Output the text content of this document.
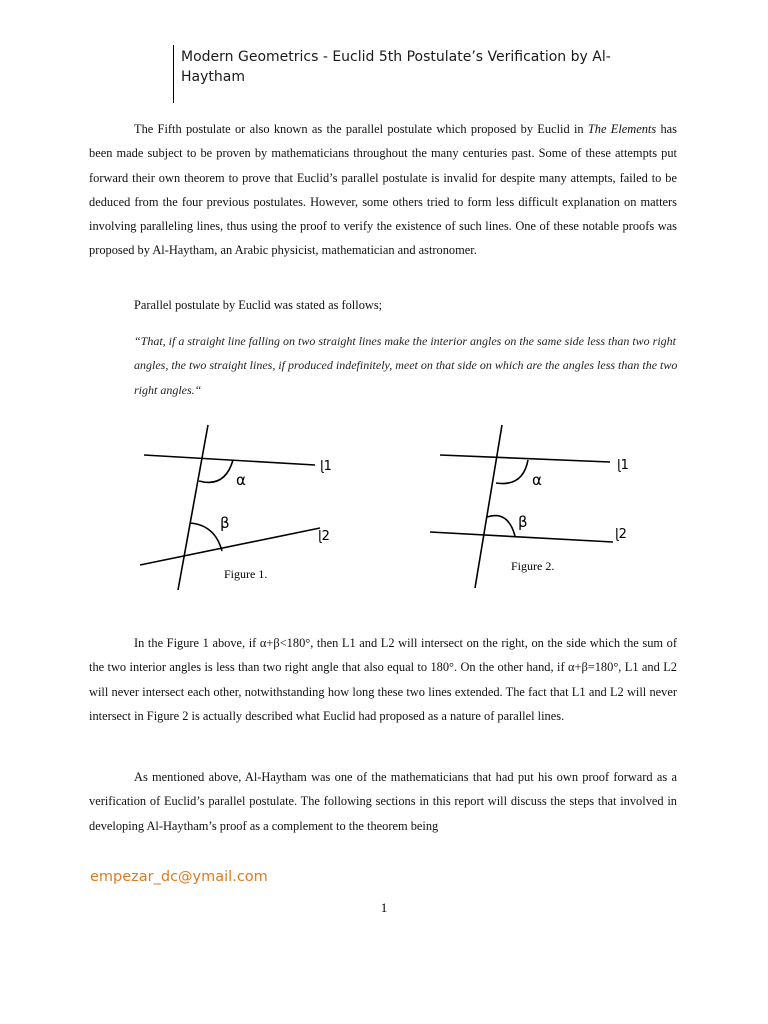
Modern Geometrics - Euclid 5th Postulate’s Verification by Al-
Haytham

The Fifth postulate or also known as the parallel postulate which proposed by Euclid in The Elements has been made subject to be proven by mathematicians throughout the many centuries past. Some of these attempts put forward their own theorem to prove that Euclid’s parallel postulate is invalid for despite many attempts, failed to be deduced from the four previous postulates. However, some others tried to form less difficult explanation on matters involving paralleling lines, thus using the proof to verify the existence of such lines. One of these notable proofs was proposed by Al-Haytham, an Arabic physicist, mathematician and astronomer.

Parallel postulate by Euclid was stated as follows;

“That, if a straight line falling on two straight lines make the interior angles on the same side less than two right angles, the two straight lines, if produced indefinitely, meet on that side on which are the angles less than the two right angles.“

α
β
ɭ1
ɭ2
Figure 1.
α
β
ɭ1
ɭ2
Figure 2.

In the Figure 1 above, if α+β<180°, then L1 and L2 will intersect on the right, on the side which the sum of the two interior angles is less than two right angle that also equal to 180°. On the other hand, if α+β=180°, L1 and L2 will never intersect each other, notwithstanding how long these two lines extended. The fact that L1 and L2 will never intersect in Figure 2 is actually described what Euclid had proposed as a nature of parallel lines.

As mentioned above, Al-Haytham was one of the mathematicians that had put his own proof forward as a verification of Euclid’s parallel postulate. The following sections in this report will discuss the steps that involved in developing Al-Haytham’s proof as a complement to the theorem being

empezar_dc@ymail.com
1
